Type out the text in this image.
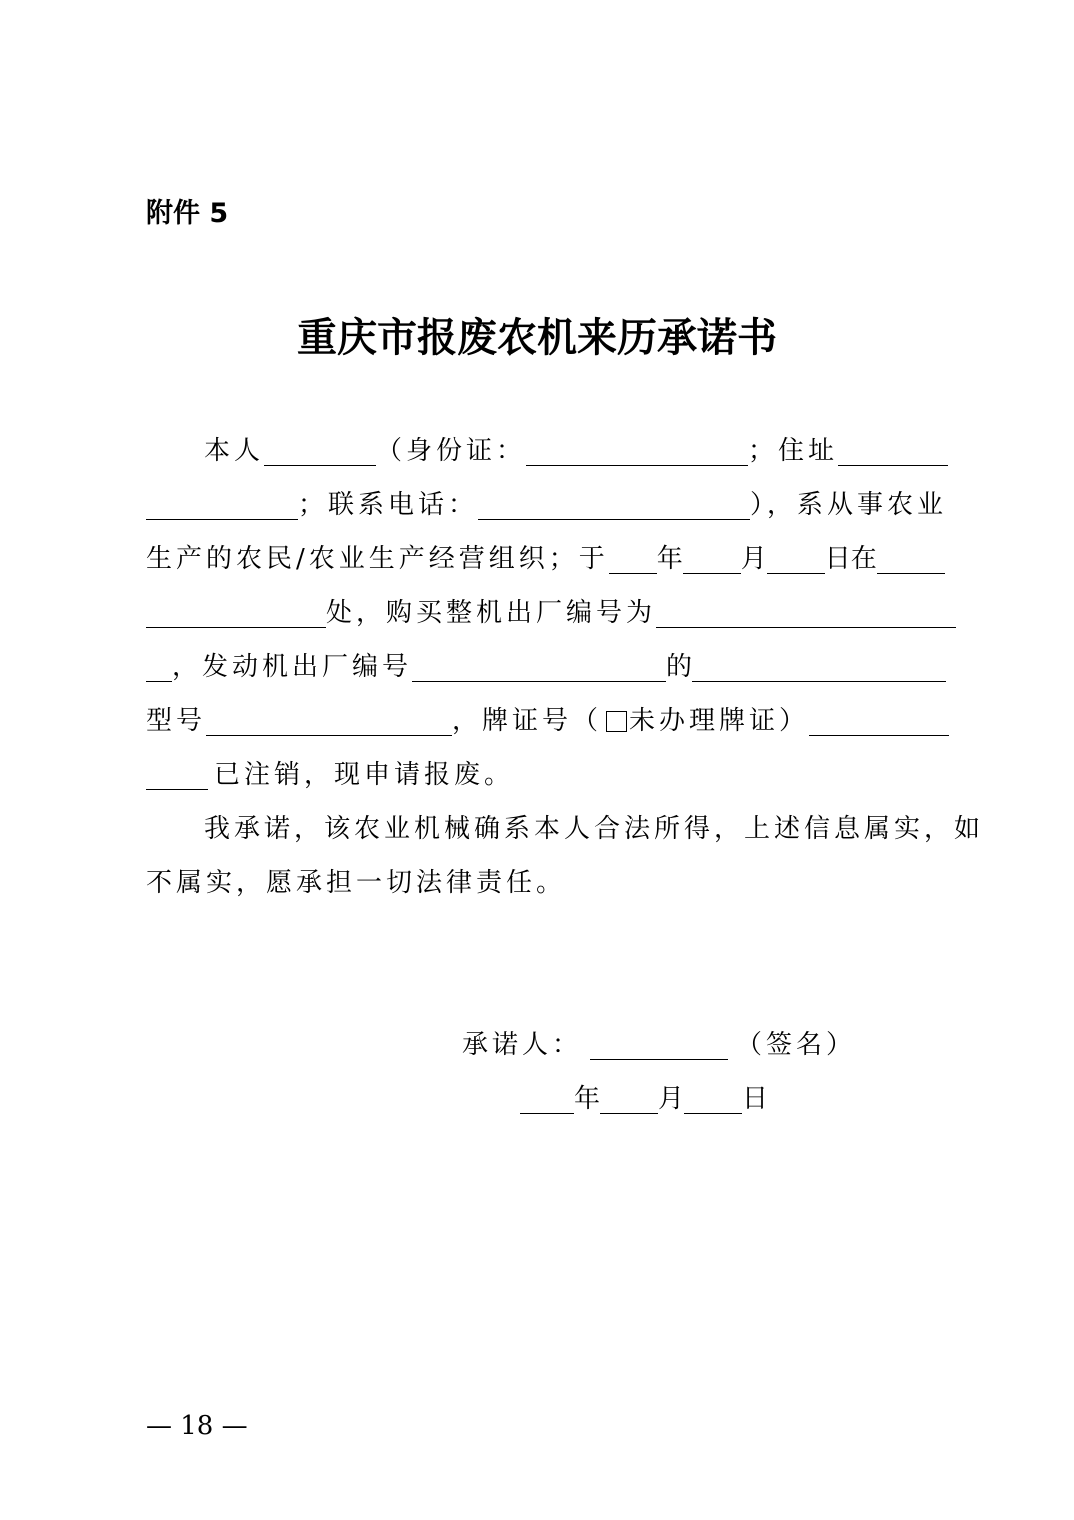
附件 5
重庆市报废农机来历承诺书
本人	（身份证：	；住址
；联系电话：	），系从事农业
生产的农民/农业生产经营组织；于 年 月 日在
处，购买整机出厂编号为
，发动机出厂编号	的
型号	，牌证号（ 未办理牌证）
已注销，现申请报废。
我承诺，该农业机械确系本人合法所得，上述信息属实，如
不属实，愿承担一切法律责任。
承诺人：	（签名）
年 月 日
— 18 —
